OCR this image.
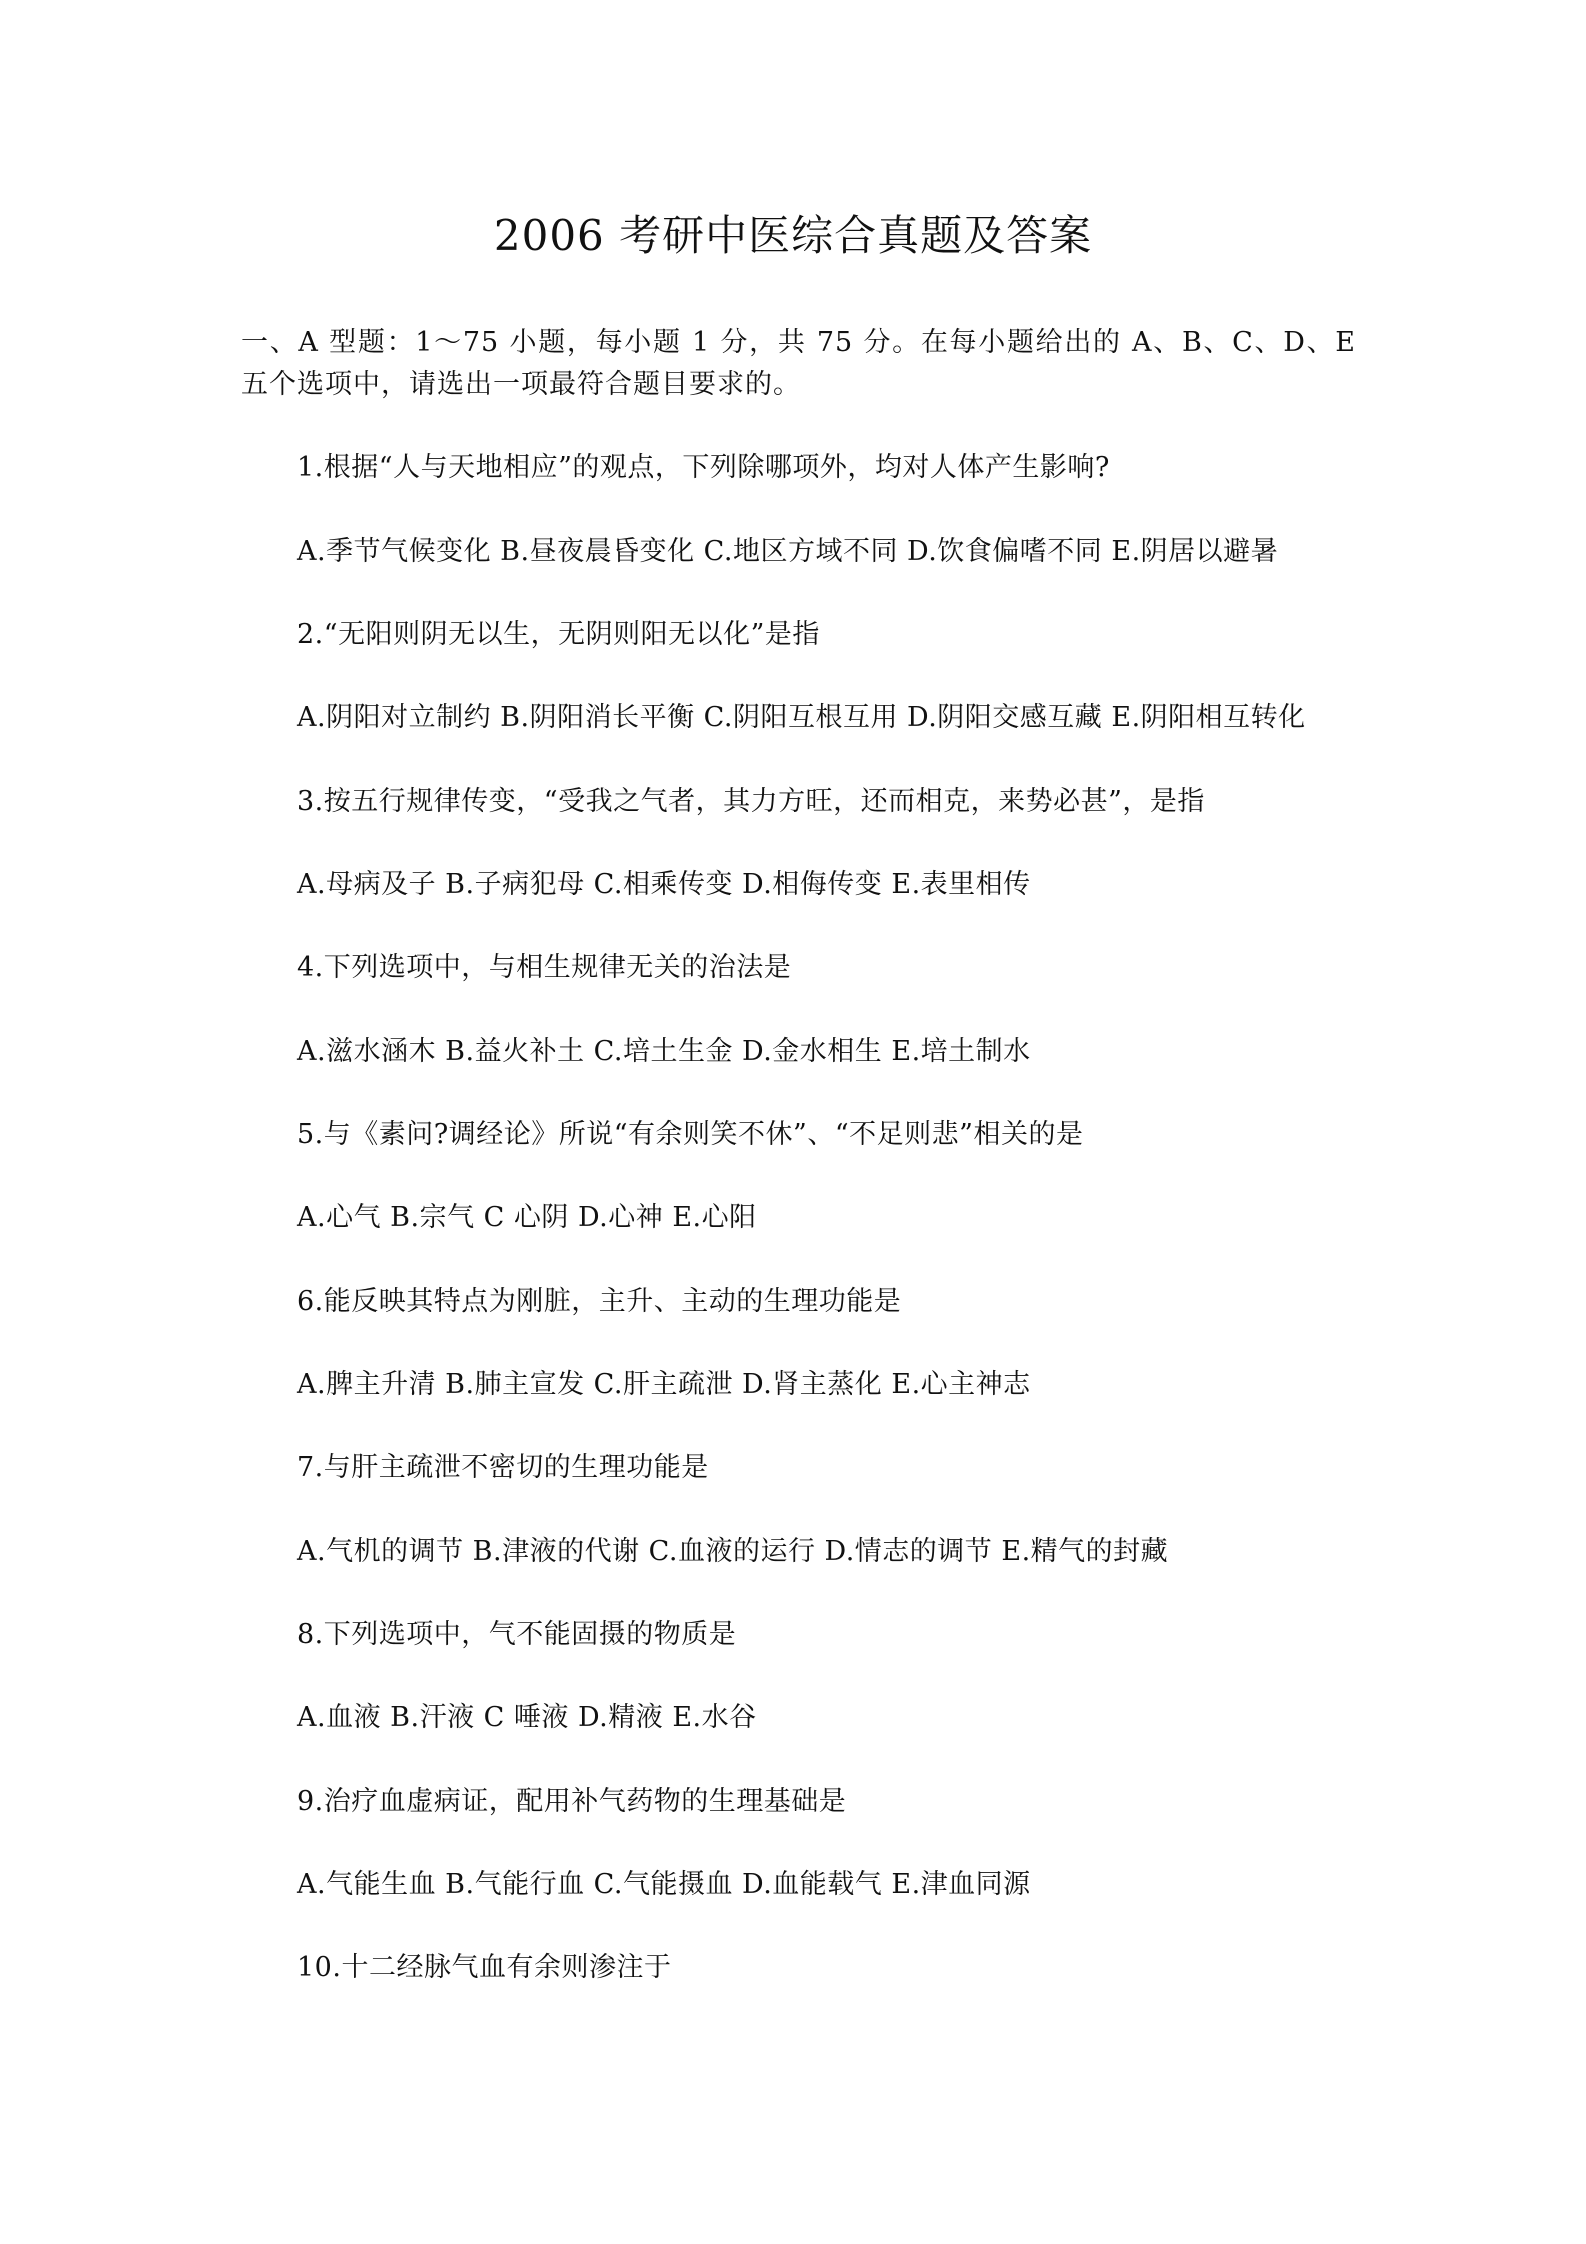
2006 考研中医综合真题及答案

一、A 型题：1～75 小题，每小题 1 分，共 75 分。在每小题给出的 A、B、C、D、E 五个选项中，请选出一项最符合题目要求的。

1.根据“人与天地相应”的观点，下列除哪项外，均对人体产生影响?

A.季节气候变化 B.昼夜晨昏变化 C.地区方域不同 D.饮食偏嗜不同 E.阴居以避暑

2.“无阳则阴无以生，无阴则阳无以化”是指

A.阴阳对立制约 B.阴阳消长平衡 C.阴阳互根互用 D.阴阳交感互藏 E.阴阳相互转化

3.按五行规律传变，“受我之气者，其力方旺，还而相克，来势必甚”，是指

A.母病及子 B.子病犯母 C.相乘传变 D.相侮传变 E.表里相传

4.下列选项中，与相生规律无关的治法是

A.滋水涵木 B.益火补土 C.培土生金 D.金水相生 E.培土制水

5.与《素问?调经论》所说“有余则笑不休”、“不足则悲”相关的是

A.心气 B.宗气 C 心阴 D.心神 E.心阳

6.能反映其特点为刚脏，主升、主动的生理功能是

A.脾主升清 B.肺主宣发 C.肝主疏泄 D.肾主蒸化 E.心主神志

7.与肝主疏泄不密切的生理功能是

A.气机的调节 B.津液的代谢 C.血液的运行 D.情志的调节 E.精气的封藏

8.下列选项中，气不能固摄的物质是

A.血液 B.汗液 C 唾液 D.精液 E.水谷

9.治疗血虚病证，配用补气药物的生理基础是

A.气能生血 B.气能行血 C.气能摄血 D.血能载气 E.津血同源

10.十二经脉气血有余则渗注于
